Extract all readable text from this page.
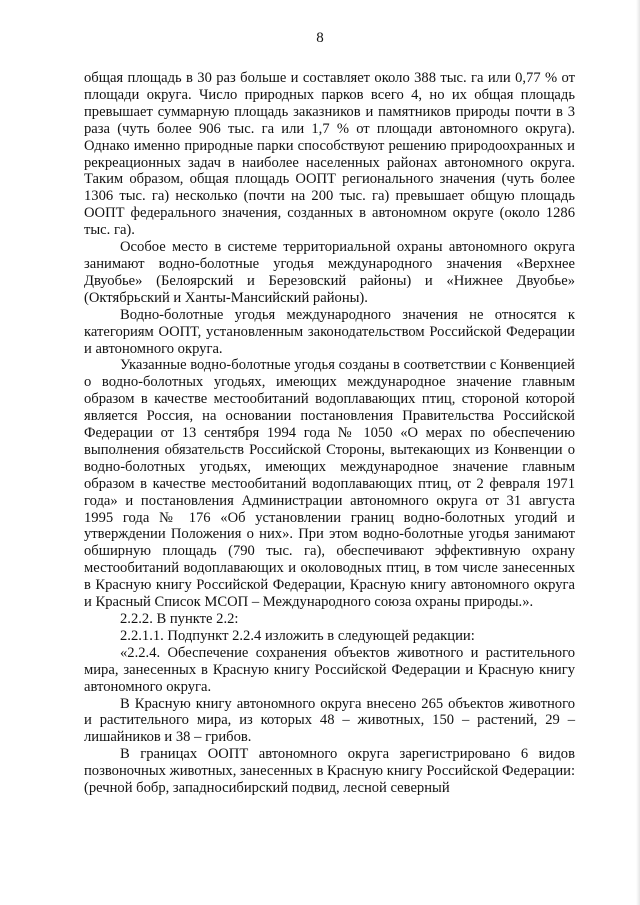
8

общая площадь в 30 раз больше и составляет около 388 тыс. га или 0,77 % от площади округа. Число природных парков всего 4, но их общая площадь превышает суммарную площадь заказников и памятников природы почти в 3 раза (чуть более 906 тыс. га или 1,7 % от площади автономного округа). Однако именно природные парки способствуют решению природоохранных и рекреационных задач в наиболее населенных районах автономного округа. Таким образом, общая площадь ООПТ регионального значения (чуть более 1306 тыс. га) несколько (почти на 200 тыс. га) превышает общую площадь ООПТ федерального значения, созданных в автономном округе (около 1286 тыс. га).

Особое место в системе территориальной охраны автономного округа занимают водно-болотные угодья международного значения «Верхнее Двуобье» (Белоярский и Березовский районы) и «Нижнее Двуобье» (Октябрьский и Ханты-Мансийский районы).

Водно-болотные угодья международного значения не относятся к категориям ООПТ, установленным законодательством Российской Федерации и автономного округа.

Указанные водно-болотные угодья созданы в соответствии с Конвенцией о водно-болотных угодьях, имеющих международное значение главным образом в качестве местообитаний водоплавающих птиц, стороной которой является Россия, на основании постановления Правительства Российской Федерации от 13 сентября 1994 года № 1050 «О мерах по обеспечению выполнения обязательств Российской Стороны, вытекающих из Конвенции о водно-болотных угодьях, имеющих международное значение главным образом в качестве местообитаний водоплавающих птиц, от 2 февраля 1971 года» и постановления Администрации автономного округа от 31 августа 1995 года № 176 «Об установлении границ водно-болотных угодий и утверждении Положения о них». При этом водно-болотные угодья занимают обширную площадь (790 тыс. га), обеспечивают эффективную охрану местообитаний водоплавающих и околоводных птиц, в том числе занесенных в Красную книгу Российской Федерации, Красную книгу автономного округа и Красный Список МСОП – Международного союза охраны природы.».

2.2.2. В пункте 2.2:

2.2.1.1. Подпункт 2.2.4 изложить в следующей редакции:

«2.2.4. Обеспечение сохранения объектов животного и растительного мира, занесенных в Красную книгу Российской Федерации и Красную книгу автономного округа.

В Красную книгу автономного округа внесено 265 объектов животного и растительного мира, из которых 48 – животных, 150 – растений, 29 – лишайников и 38 – грибов.

В границах ООПТ автономного округа зарегистрировано 6 видов позвоночных животных, занесенных в Красную книгу Российской Федерации: (речной бобр, западносибирский подвид, лесной северный
